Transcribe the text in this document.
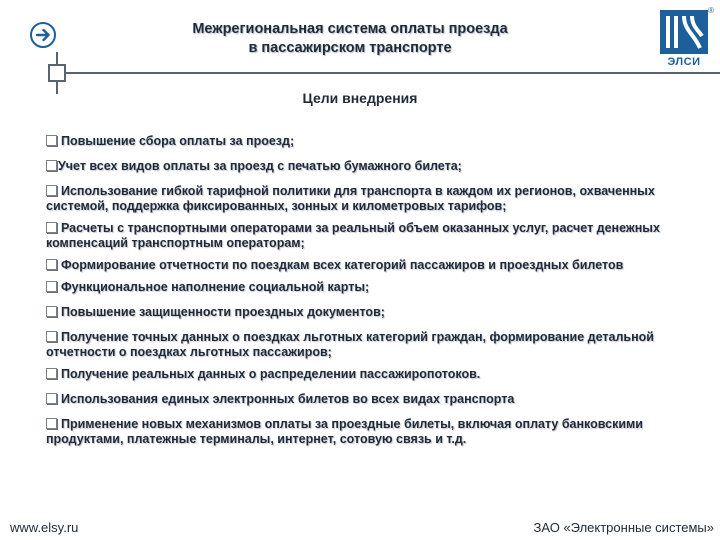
Межрегиональная система оплаты проезда
в пассажирском транспорте
®
ЭЛСИ
Цели внедрения
Повышение сбора оплаты за проезд;
Учет всех видов оплаты за проезд с печатью бумажного билета;
Использование гибкой тарифной политики для транспорта в каждом их регионов, охваченных системой, поддержка фиксированных, зонных и километровых тарифов;
Расчеты с транспортными операторами за реальный объем оказанных услуг, расчет денежных компенсаций транспортным операторам;
Формирование отчетности по поездкам всех категорий пассажиров и проездных билетов
Функциональное наполнение социальной карты;
Повышение защищенности проездных документов;
Получение точных данных о поездках льготных категорий граждан, формирование детальной отчетности о поездках льготных пассажиров;
Получение реальных данных о распределении пассажиропотоков.
Использования единых электронных билетов во всех видах транспорта
Применение новых механизмов оплаты за проездные билеты, включая оплату банковскими продуктами, платежные терминалы, интернет, сотовую связь и т.д.
www.elsy.ru	ЗАО «Электронные системы»
